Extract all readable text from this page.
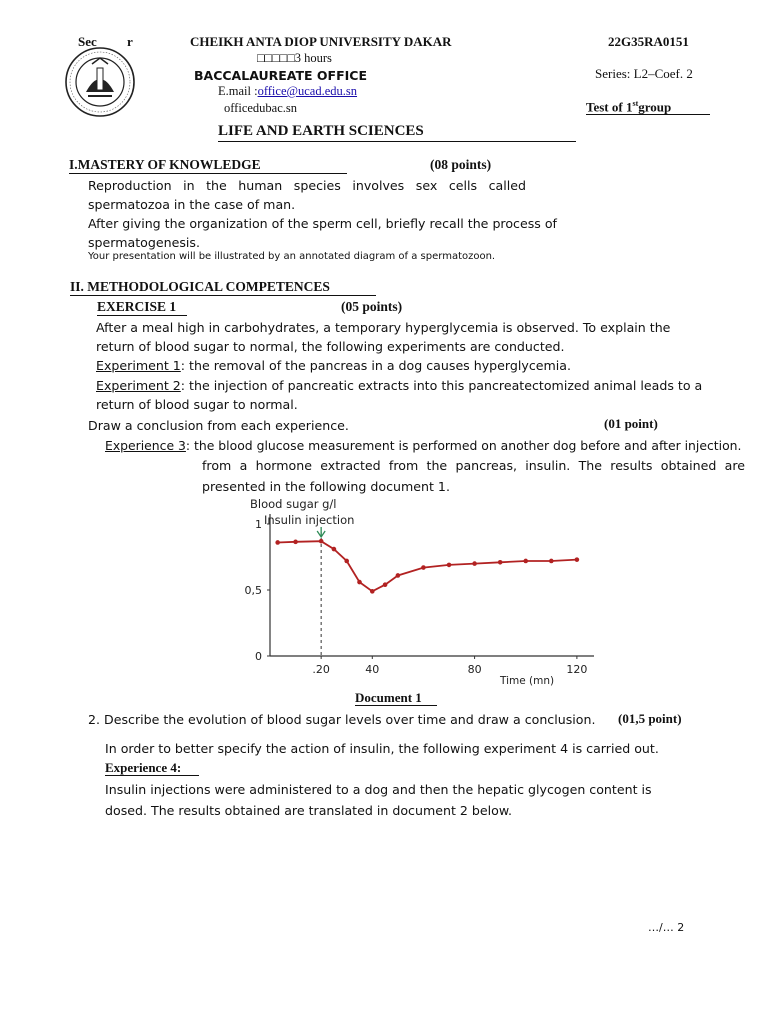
Sec r	CHEIKH ANTA DIOP UNIVERSITY DAKAR
□□□□□3 hours
BACCALAUREATE OFFICE
E.mail :office@ucad.edu.sn
officedubac.sn
22G35RA0151
Series: L2–Coef. 2
Test of 1stgroup
LIFE AND EARTH SCIENCES
I.MASTERY OF KNOWLEDGE	(08 points)
Reproduction in the human species involves sex cells called
spermatozoa in the case of man.
After giving the organization of the sperm cell, briefly recall the process of
spermatogenesis.
Your presentation will be illustrated by an annotated diagram of a spermatozoon.
II. METHODOLOGICAL COMPETENCES
EXERCISE 1	(05 points)
After a meal high in carbohydrates, a temporary hyperglycemia is observed. To explain the
return of blood sugar to normal, the following experiments are conducted.
Experiment 1: the removal of the pancreas in a dog causes hyperglycemia.
Experiment 2: the injection of pancreatic extracts into this pancreatectomized animal leads to a
return of blood sugar to normal.
Draw a conclusion from each experience.	(01 point)
Experience 3: the blood glucose measurement is performed on another dog before and after injection.
from a hormone extracted from the pancreas, insulin. The results obtained are
presented in the following document 1.
Blood sugar g/l
Time (mn)
1
0,5
0
.20	40	80	120
Insulin injection
Document 1
2. Describe the evolution of blood sugar levels over time and draw a conclusion. (01,5 point)
In order to better specify the action of insulin, the following experiment 4 is carried out.
Experience 4:
Insulin injections were administered to a dog and then the hepatic glycogen content is
dosed. The results obtained are translated in document 2 below.
…/… 2
